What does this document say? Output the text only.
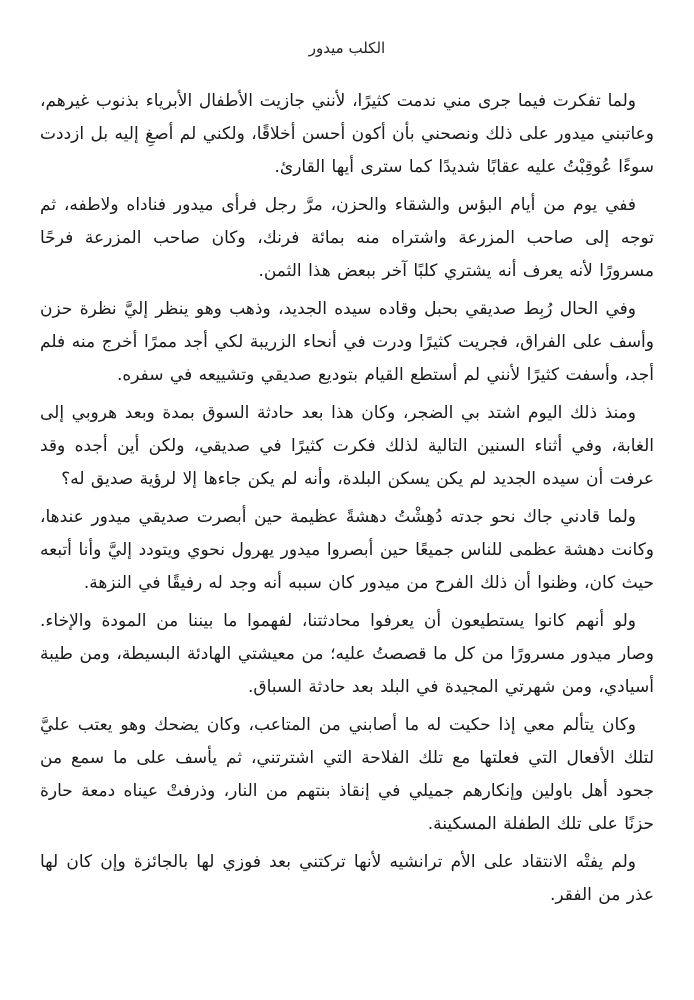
الكلب ميدور

ولما تفكرت فيما جرى مني ندمت كثيرًا، لأنني جازيت الأطفال الأبرياء بذنوب غيرهم، وعاتبني ميدور على ذلك ونصحني بأن أكون أحسن أخلاقًا، ولكني لم أصغِ إليه بل ازددت سوءًا عُوقِبْتُ عليه عقابًا شديدًا كما سترى أيها القارئ.

ففي يوم من أيام البؤس والشقاء والحزن، مرَّ رجل فرأى ميدور فناداه ولاطفه، ثم توجه إلى صاحب المزرعة واشتراه منه بمائة فرنك، وكان صاحب المزرعة فرحًا مسرورًا لأنه يعرف أنه يشتري كلبًا آخر ببعض هذا الثمن.

وفي الحال رُبِط صديقي بحبل وقاده سيده الجديد، وذهب وهو ينظر إليَّ نظرة حزن وأسف على الفراق، فجريت كثيرًا ودرت في أنحاء الزريبة لكي أجد ممرًا أخرج منه فلم أجد، وأسفت كثيرًا لأنني لم أستطع القيام بتوديع صديقي وتشييعه في سفره.

ومنذ ذلك اليوم اشتد بي الضجر، وكان هذا بعد حادثة السوق بمدة وبعد هروبي إلى الغابة، وفي أثناء السنين التالية لذلك فكرت كثيرًا في صديقي، ولكن أين أجده وقد عرفت أن سيده الجديد لم يكن يسكن البلدة، وأنه لم يكن جاءها إلا لرؤية صديق له؟

ولما قادني جاك نحو جدته دُهِشْتُ دهشةً عظيمة حين أبصرت صديقي ميدور عندها، وكانت دهشة عظمى للناس جميعًا حين أبصروا ميدور يهرول نحوي ويتودد إليَّ وأنا أتبعه حيث كان، وظنوا أن ذلك الفرح من ميدور كان سببه أنه وجد له رفيقًا في النزهة.

ولو أنهم كانوا يستطيعون أن يعرفوا محادثتنا، لفهموا ما بيننا من المودة والإخاء. وصار ميدور مسرورًا من كل ما قصصتُ عليه؛ من معيشتي الهادئة البسيطة، ومن طيبة أسيادي، ومن شهرتي المجيدة في البلد بعد حادثة السباق.

وكان يتألم معي إذا حكيت له ما أصابني من المتاعب، وكان يضحك وهو يعتب عليَّ لتلك الأفعال التي فعلتها مع تلك الفلاحة التي اشترتني، ثم يأسف على ما سمع من جحود أهل باولين وإنكارهم جميلي في إنقاذ بنتهم من النار، وذرفتْ عيناه دمعة حارة حزنًا على تلك الطفلة المسكينة.

ولم يفتْه الانتقاد على الأم ترانشيه لأنها تركتني بعد فوزي لها بالجائزة وإن كان لها عذر من الفقر.
